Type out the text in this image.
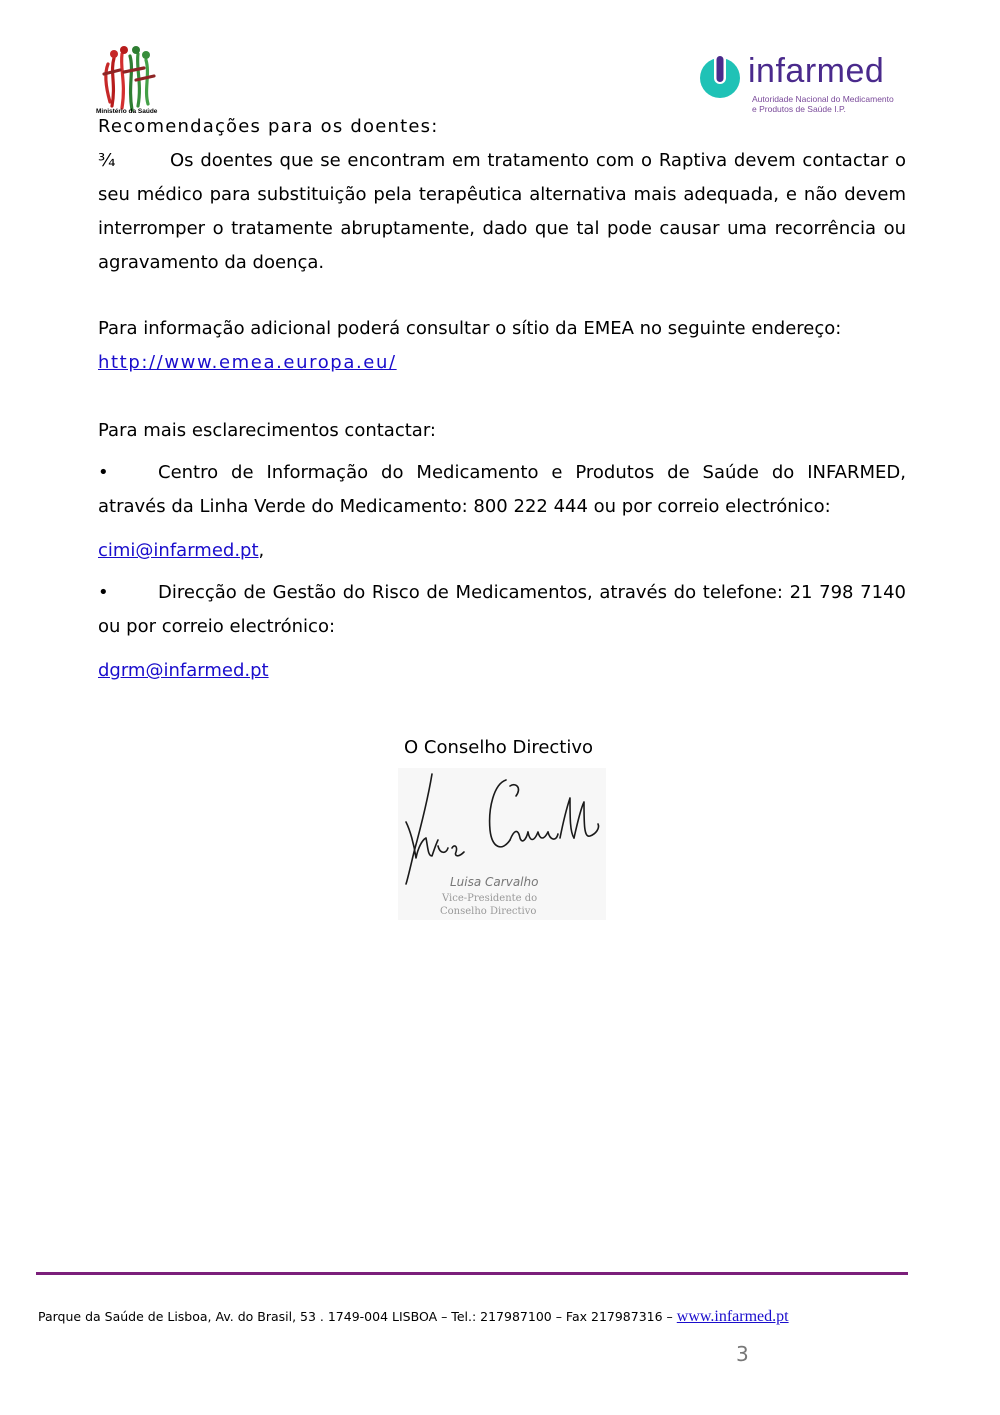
Ministério da Saúde
infarmed
Autoridade Nacional do Medicamento
e Produtos de Saúde I.P.
Recomendações para os doentes:
¾	Os doentes que se encontram em tratamento com o Raptiva devem contactar o seu médico para substituição pela terapêutica alternativa mais adequada, e não devem interromper o tratamente abruptamente, dado que tal pode causar uma recorrência ou agravamento da doença.
Para informação adicional poderá consultar o sítio da EMEA no seguinte endereço:
http://www.emea.europa.eu/
Para mais esclarecimentos contactar:
•	Centro de Informação do Medicamento e Produtos de Saúde do INFARMED, através da Linha Verde do Medicamento: 800 222 444 ou por correio electrónico:
cimi@infarmed.pt,
•	Direcção de Gestão do Risco de Medicamentos, através do telefone: 21 798 7140 ou por correio electrónico:
dgrm@infarmed.pt
O Conselho Directivo
Luisa Carvalho
Vice-Presidente do
Conselho Directivo
Parque da Saúde de Lisboa, Av. do Brasil, 53 . 1749-004 LISBOA – Tel.: 217987100 – Fax 217987316 – www.infarmed.pt
3
